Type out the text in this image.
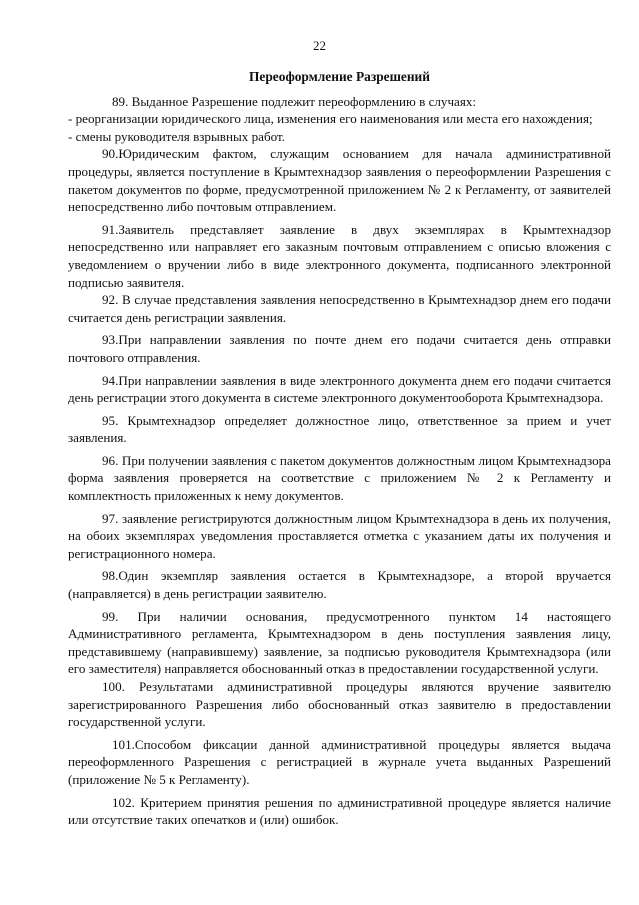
22
Переоформление Разрешений

89. Выданное Разрешение подлежит переоформлению в случаях:

- реорганизации юридического лица, изменения его наименования или места его нахождения;

- смены руководителя взрывных работ.

90.Юридическим фактом, служащим основанием для начала административной процедуры, является поступление в Крымтехнадзор заявления о переоформлении Разрешения с пакетом документов по форме, предусмотренной приложением № 2 к Регламенту, от заявителей непосредственно либо почтовым отправлением.

91.Заявитель представляет заявление в двух экземплярах в Крымтехнадзор непосредственно или направляет его заказным почтовым отправлением с описью вложения с уведомлением о вручении либо в виде электронного документа, подписанного электронной подписью заявителя.

92. В случае представления заявления непосредственно в Крымтехнадзор днем его подачи считается день регистрации заявления.

93.При направлении заявления по почте днем его подачи считается день отправки почтового отправления.

94.При направлении заявления в виде электронного документа днем его подачи считается день регистрации этого документа в системе электронного документооборота Крымтехнадзора.

95. Крымтехнадзор определяет должностное лицо, ответственное за прием и учет заявления.

96. При получении заявления с пакетом документов должностным лицом Крымтехнадзора форма заявления проверяется на соответствие с приложением № 2 к Регламенту и комплектность приложенных к нему документов.

97. заявление регистрируются должностным лицом Крымтехнадзора в день их получения, на обоих экземплярах уведомления проставляется отметка с указанием даты их получения и регистрационного номера.

98.Один экземпляр заявления остается в Крымтехнадзоре, а второй вручается (направляется) в день регистрации заявителю.

99. При наличии основания, предусмотренного пунктом 14 настоящего Административного регламента, Крымтехнадзором в день поступления заявления лицу, представившему (направившему) заявление, за подписью руководителя Крымтехнадзора (или его заместителя) направляется обоснованный отказ в предоставлении государственной услуги.

100. Результатами административной процедуры являются вручение заявителю зарегистрированного Разрешения либо обоснованный отказ заявителю в предоставлении государственной услуги.

101.Способом фиксации данной административной процедуры является выдача переоформленного Разрешения с регистрацией в журнале учета выданных Разрешений (приложение № 5 к Регламенту).

102. Критерием принятия решения по административной процедуре является наличие или отсутствие таких опечатков и (или) ошибок.
